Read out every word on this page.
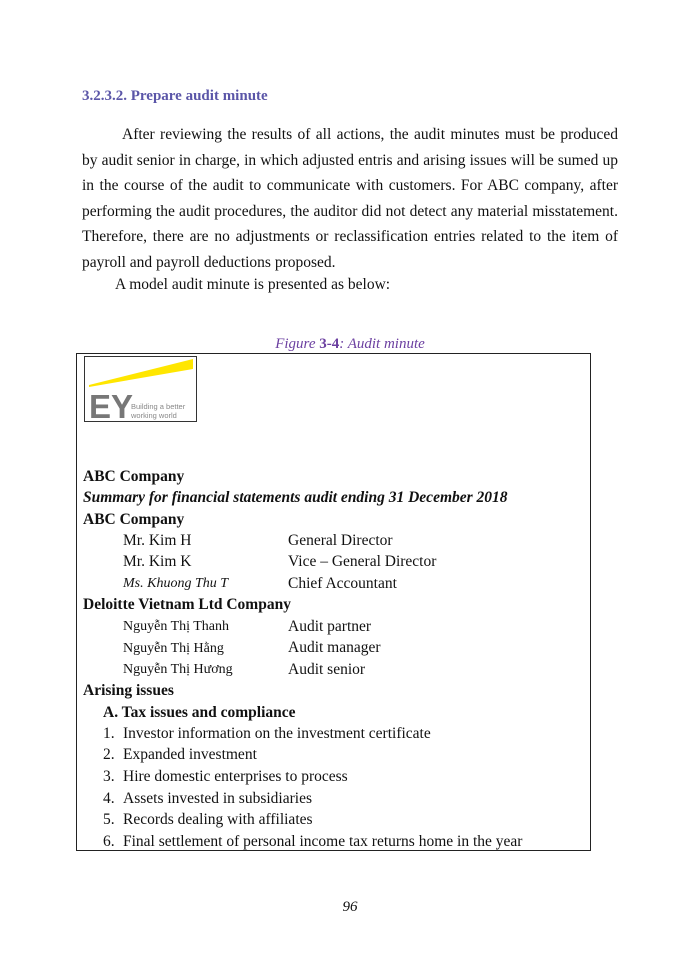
3.2.3.2. Prepare audit minute

After reviewing the results of all actions, the audit minutes must be produced by audit senior in charge, in which adjusted entris and arising issues will be sumed up in the course of the audit to communicate with customers. For ABC company, after performing the audit procedures, the auditor did not detect any material misstatement. Therefore, there are no adjustments or reclassification entries related to the item of payroll and payroll deductions proposed.

A model audit minute is presented as below:

Figure 3-4: Audit minute
EY
Building a better
working world
ABC Company
Summary for financial statements audit ending 31 December 2018
ABC Company
Mr. Kim H	General Director
Mr. Kim K	Vice – General Director
Ms. Khuong Thu T	Chief Accountant
Deloitte Vietnam Ltd Company
Nguyễn Thị Thanh	Audit partner
Nguyễn Thị Hằng	Audit manager
Nguyễn Thị Hương	Audit senior
Arising issues
A. Tax issues and compliance
1. Investor information on the investment certificate
2. Expanded investment
3. Hire domestic enterprises to process
4. Assets invested in subsidiaries
5. Records dealing with affiliates
6. Final settlement of personal income tax returns home in the year
96
